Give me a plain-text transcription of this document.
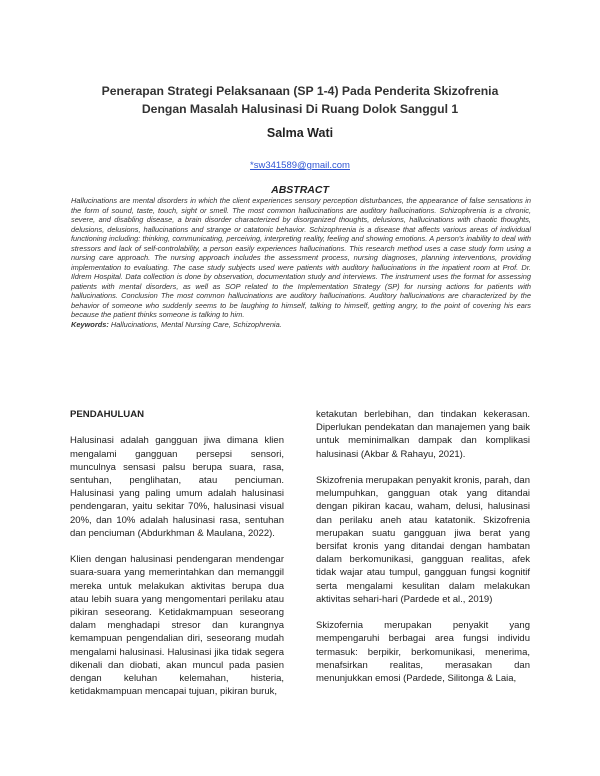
Penerapan Strategi Pelaksanaan (SP 1-4) Pada Penderita Skizofrenia
Dengan Masalah Halusinasi Di Ruang Dolok Sanggul 1
Salma Wati
*sw341589@gmail.com
ABSTRACT
Hallucinations are mental disorders in which the client experiences sensory perception disturbances, the appearance of false sensations in the form of sound, taste, touch, sight or smell. The most common hallucinations are auditory hallucinations. Schizophrenia is a chronic, severe, and disabling disease, a brain disorder characterized by disorganized thoughts, delusions, hallucinations with chaotic thoughts, delusions, delusions, hallucinations and strange or catatonic behavior. Schizophrenia is a disease that affects various areas of individual functioning including: thinking, communicating, perceiving, interpreting reality, feeling and showing emotions. A person's inability to deal with stressors and lack of self-controlability, a person easily experiences hallucinations. This research method uses a case study form using a nursing care approach. The nursing approach includes the assessment process, nursing diagnoses, planning interventions, providing implementation to evaluating. The case study subjects used were patients with auditory hallucinations in the inpatient room at Prof. Dr. Ildrem Hospital. Data collection is done by observation, documentation study and interviews. The instrument uses the format for assessing patients with mental disorders, as well as SOP related to the Implementation Strategy (SP) for nursing actions for patients with hallucinations. Conclusion The most common hallucinations are auditory hallucinations. Auditory hallucinations are characterized by the behavior of someone who suddenly seems to be laughing to himself, talking to himself, getting angry, to the point of covering his ears because the patient thinks someone is talking to him.
Keywords: Hallucinations, Mental Nursing Care, Schizophrenia.

PENDAHULUAN

Halusinasi adalah gangguan jiwa dimana klien mengalami gangguan persepsi sensori, munculnya sensasi palsu berupa suara, rasa, sentuhan, penglihatan, atau penciuman. Halusinasi yang paling umum adalah halusinasi pendengaran, yaitu sekitar 70%, halusinasi visual 20%, dan 10% adalah halusinasi rasa, sentuhan dan penciuman (Abdurkhman & Maulana, 2022).

Klien dengan halusinasi pendengaran mendengar suara-suara yang memerintahkan dan memanggil mereka untuk melakukan aktivitas berupa dua atau lebih suara yang mengomentari perilaku atau pikiran seseorang. Ketidakmampuan seseorang dalam menghadapi stresor dan kurangnya kemampuan pengendalian diri, seseorang mudah mengalami halusinasi. Halusinasi jika tidak segera dikenali dan diobati, akan muncul pada pasien dengan keluhan kelemahan, histeria, ketidakmampuan mencapai tujuan, pikiran buruk,

ketakutan berlebihan, dan tindakan kekerasan. Diperlukan pendekatan dan manajemen yang baik untuk meminimalkan dampak dan komplikasi halusinasi (Akbar & Rahayu, 2021).

Skizofrenia merupakan penyakit kronis, parah, dan melumpuhkan, gangguan otak yang ditandai dengan pikiran kacau, waham, delusi, halusinasi dan perilaku aneh atau katatonik. Skizofrenia merupakan suatu gangguan jiwa berat yang bersifat kronis yang ditandai dengan hambatan dalam berkomunikasi, gangguan realitas, afek tidak wajar atau tumpul, gangguan fungsi kognitif serta mengalami kesulitan dalam melakukan aktivitas sehari-hari (Pardede et al., 2019)

Skizofernia merupakan penyakit yang mempengaruhi berbagai area fungsi individu termasuk: berpikir, berkomunikasi, menerima, menafsirkan realitas, merasakan dan menunjukkan emosi (Pardede, Silitonga & Laia,
